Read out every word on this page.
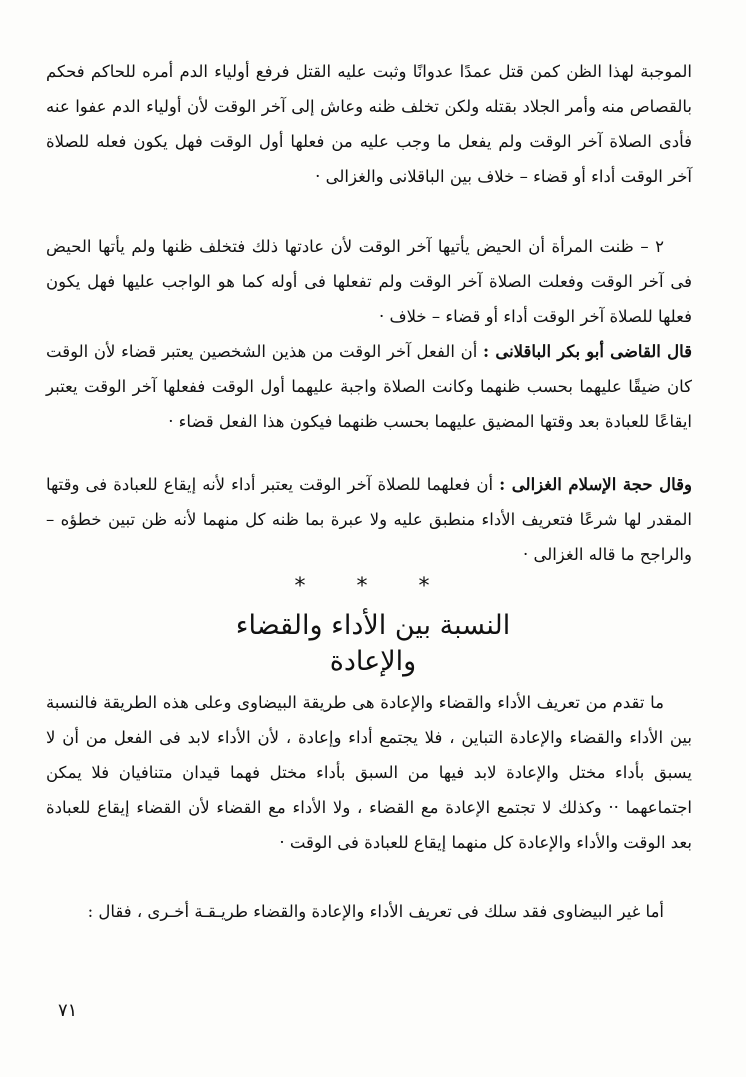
الموجبة لهذا الظن كمن قتل عمدًا عدوانًا وثبت عليه القتل فرفع أولياء الدم أمره للحاكم فحكم بالقصاص منه وأمر الجلاد بقتله ولكن تخلف ظنه وعاش إلى آخر الوقت لأن أولياء الدم عفوا عنه فأدى الصلاة آخر الوقت ولم يفعل ما وجب عليه من فعلها أول الوقت فهل يكون فعله للصلاة آخر الوقت أداء أو قضاء – خلاف بين الباقلانى والغزالى ·

٢ – ظنت المرأة أن الحيض يأتيها آخر الوقت لأن عادتها ذلك فتخلف ظنها ولم يأتها الحيض فى آخر الوقت وفعلت الصلاة آخر الوقت ولم تفعلها فى أوله كما هو الواجب عليها فهل يكون فعلها للصلاة آخر الوقت أداء أو قضاء – خلاف ·

قال القاضى أبو بكر الباقلانى : أن الفعل آخر الوقت من هذين الشخصين يعتبر قضاء لأن الوقت كان ضيقًا عليهما بحسب ظنهما وكانت الصلاة واجبة عليهما أول الوقت ففعلها آخر الوقت يعتبر ايقاعًا للعبادة بعد وقتها المضيق عليهما بحسب ظنهما فيكون هذا الفعل قضاء ·

وقال حجة الإسلام الغزالى : أن فعلهما للصلاة آخر الوقت يعتبر أداء لأنه إيقاع للعبادة فى وقتها المقدر لها شرعًا فتعريف الأداء منطبق عليه ولا عبرة بما ظنه كل منهما لأنه ظن تبين خطؤه – والراجح ما قاله الغزالى ·

* * *
النسبة بين الأداء والقضاء
والإعادة

ما تقدم من تعريف الأداء والقضاء والإعادة هى طريقة البيضاوى وعلى هذه الطريقة فالنسبة بين الأداء والقضاء والإعادة التباين ، فلا يجتمع أداء وإعادة ، لأن الأداء لابد فى الفعل من أن لا يسبق بأداء مختل والإعادة لابد فيها من السبق بأداء مختل فهما قيدان متنافيان فلا يمكن اجتماعهما ·· وكذلك لا تجتمع الإعادة مع القضاء ، ولا الأداء مع القضاء لأن القضاء إيقاع للعبادة بعد الوقت والأداء والإعادة كل منهما إيقاع للعبادة فى الوقت ·

أما غير البيضاوى فقد سلك فى تعريف الأداء والإعادة والقضاء طريـقـة أخـرى ، فقال :

٧١
